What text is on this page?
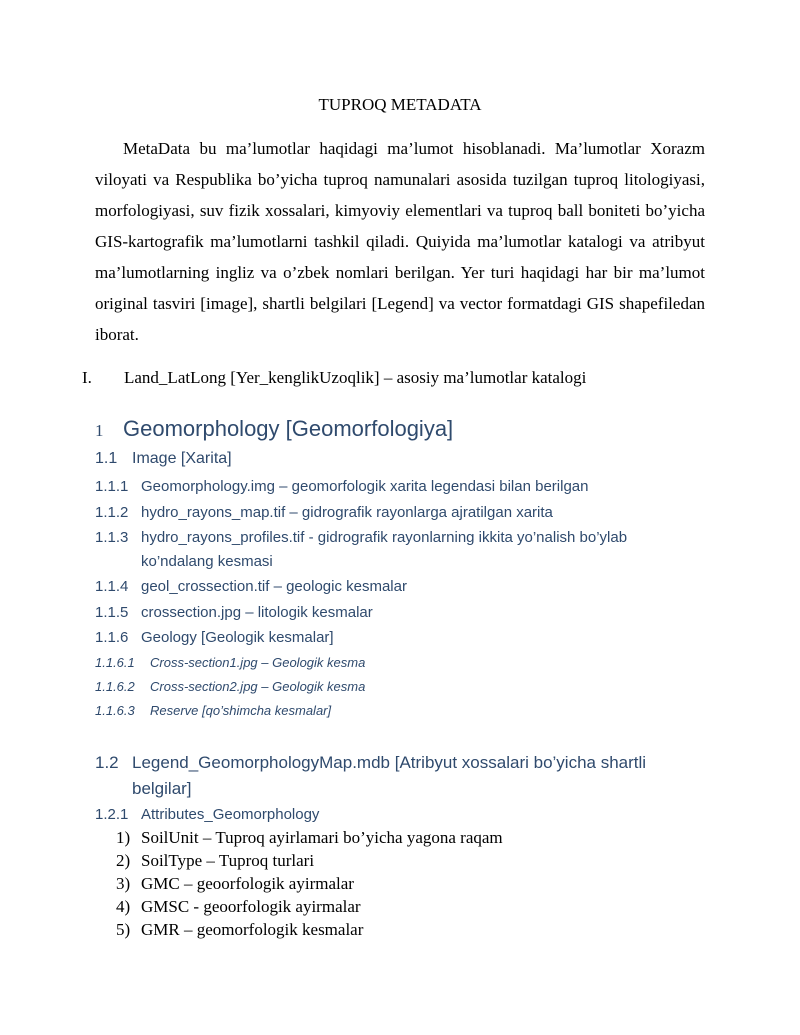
TUPROQ METADATA

MetaData bu ma’lumotlar haqidagi ma’lumot hisoblanadi. Ma’lumotlar Xorazm viloyati va Respublika bo’yicha tuproq namunalari asosida tuzilgan tuproq litologiyasi, morfologiyasi, suv fizik xossalari, kimyoviy elementlari va tuproq ball boniteti bo’yicha GIS-kartografik ma’lumotlarni tashkil qiladi. Quiyida ma’lumotlar katalogi va atribyut ma’lumotlarning ingliz va o’zbek nomlari berilgan. Yer turi haqidagi har bir ma’lumot original tasviri [image], shartli belgilari [Legend] va vector formatdagi GIS shapefiledan iborat.

I. Land_LatLong [Yer_kenglikUzoqlik] – asosiy ma’lumotlar katalogi
1 Geomorphology [Geomorfologiya]
1.1 Image [Xarita]
1.1.1 Geomorphology.img – geomorfologik xarita legendasi bilan berilgan
1.1.2 hydro_rayons_map.tif – gidrografik rayonlarga ajratilgan xarita
1.1.3 hydro_rayons_profiles.tif - gidrografik rayonlarning ikkita yo’nalish bo’ylab ko’ndalang kesmasi
1.1.4 geol_crossection.tif – geologic kesmalar
1.1.5 crossection.jpg – litologik kesmalar
1.1.6 Geology [Geologik kesmalar]
1.1.6.1 Cross-section1.jpg – Geologik kesma
1.1.6.2 Cross-section2.jpg – Geologik kesma
1.1.6.3 Reserve [qo’shimcha kesmalar]
1.2 Legend_GeomorphologyMap.mdb [Atribyut xossalari bo’yicha shartli belgilar]
1.2.1 Attributes_Geomorphology
1) SoilUnit – Tuproq ayirlamari bo’yicha yagona raqam
2) SoilType – Tuproq turlari
3) GMC – geoorfologik ayirmalar
4) GMSC - geoorfologik ayirmalar
5) GMR – geomorfologik kesmalar
